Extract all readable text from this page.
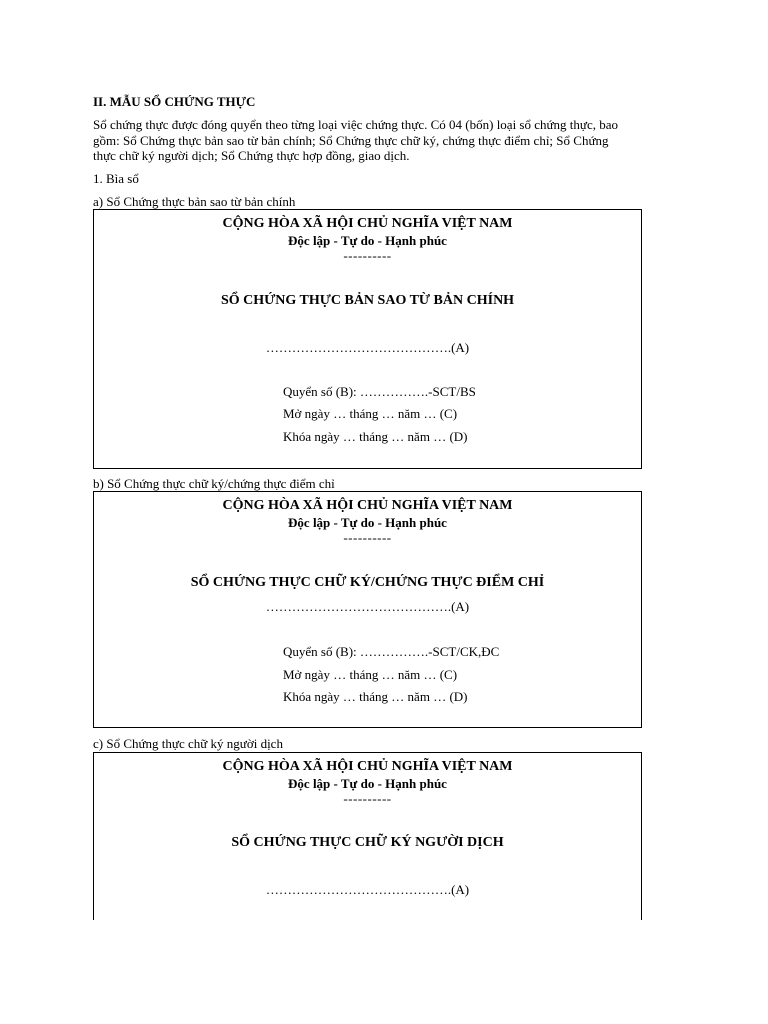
II. MẪU SỔ CHỨNG THỰC
Sổ chứng thực được đóng quyển theo từng loại việc chứng thực. Có 04 (bốn) loại sổ chứng thực, bao
gồm: Sổ Chứng thực bản sao từ bản chính; Sổ Chứng thực chữ ký, chứng thực điểm chỉ; Sổ Chứng
thực chữ ký người dịch; Sổ Chứng thực hợp đồng, giao dịch.
1. Bìa sổ
a) Sổ Chứng thực bản sao từ bản chính
CỘNG HÒA XÃ HỘI CHỦ NGHĨA VIỆT NAM
Độc lập - Tự do - Hạnh phúc
----------
SỔ CHỨNG THỰC BẢN SAO TỪ BẢN CHÍNH
…………………………………….(A)
Quyển số (B): …………….-SCT/BS
Mở ngày … tháng … năm … (C)
Khóa ngày … tháng … năm … (D)
b) Sổ Chứng thực chữ ký/chứng thực điểm chỉ
CỘNG HÒA XÃ HỘI CHỦ NGHĨA VIỆT NAM
Độc lập - Tự do - Hạnh phúc
----------
SỔ CHỨNG THỰC CHỮ KÝ/CHỨNG THỰC ĐIỂM CHỈ
…………………………………….(A)
Quyển số (B): …………….-SCT/CK,ĐC
Mở ngày … tháng … năm … (C)
Khóa ngày … tháng … năm … (D)
c) Sổ Chứng thực chữ ký người dịch
CỘNG HÒA XÃ HỘI CHỦ NGHĨA VIỆT NAM
Độc lập - Tự do - Hạnh phúc
----------
SỔ CHỨNG THỰC CHỮ KÝ NGƯỜI DỊCH
…………………………………….(A)
